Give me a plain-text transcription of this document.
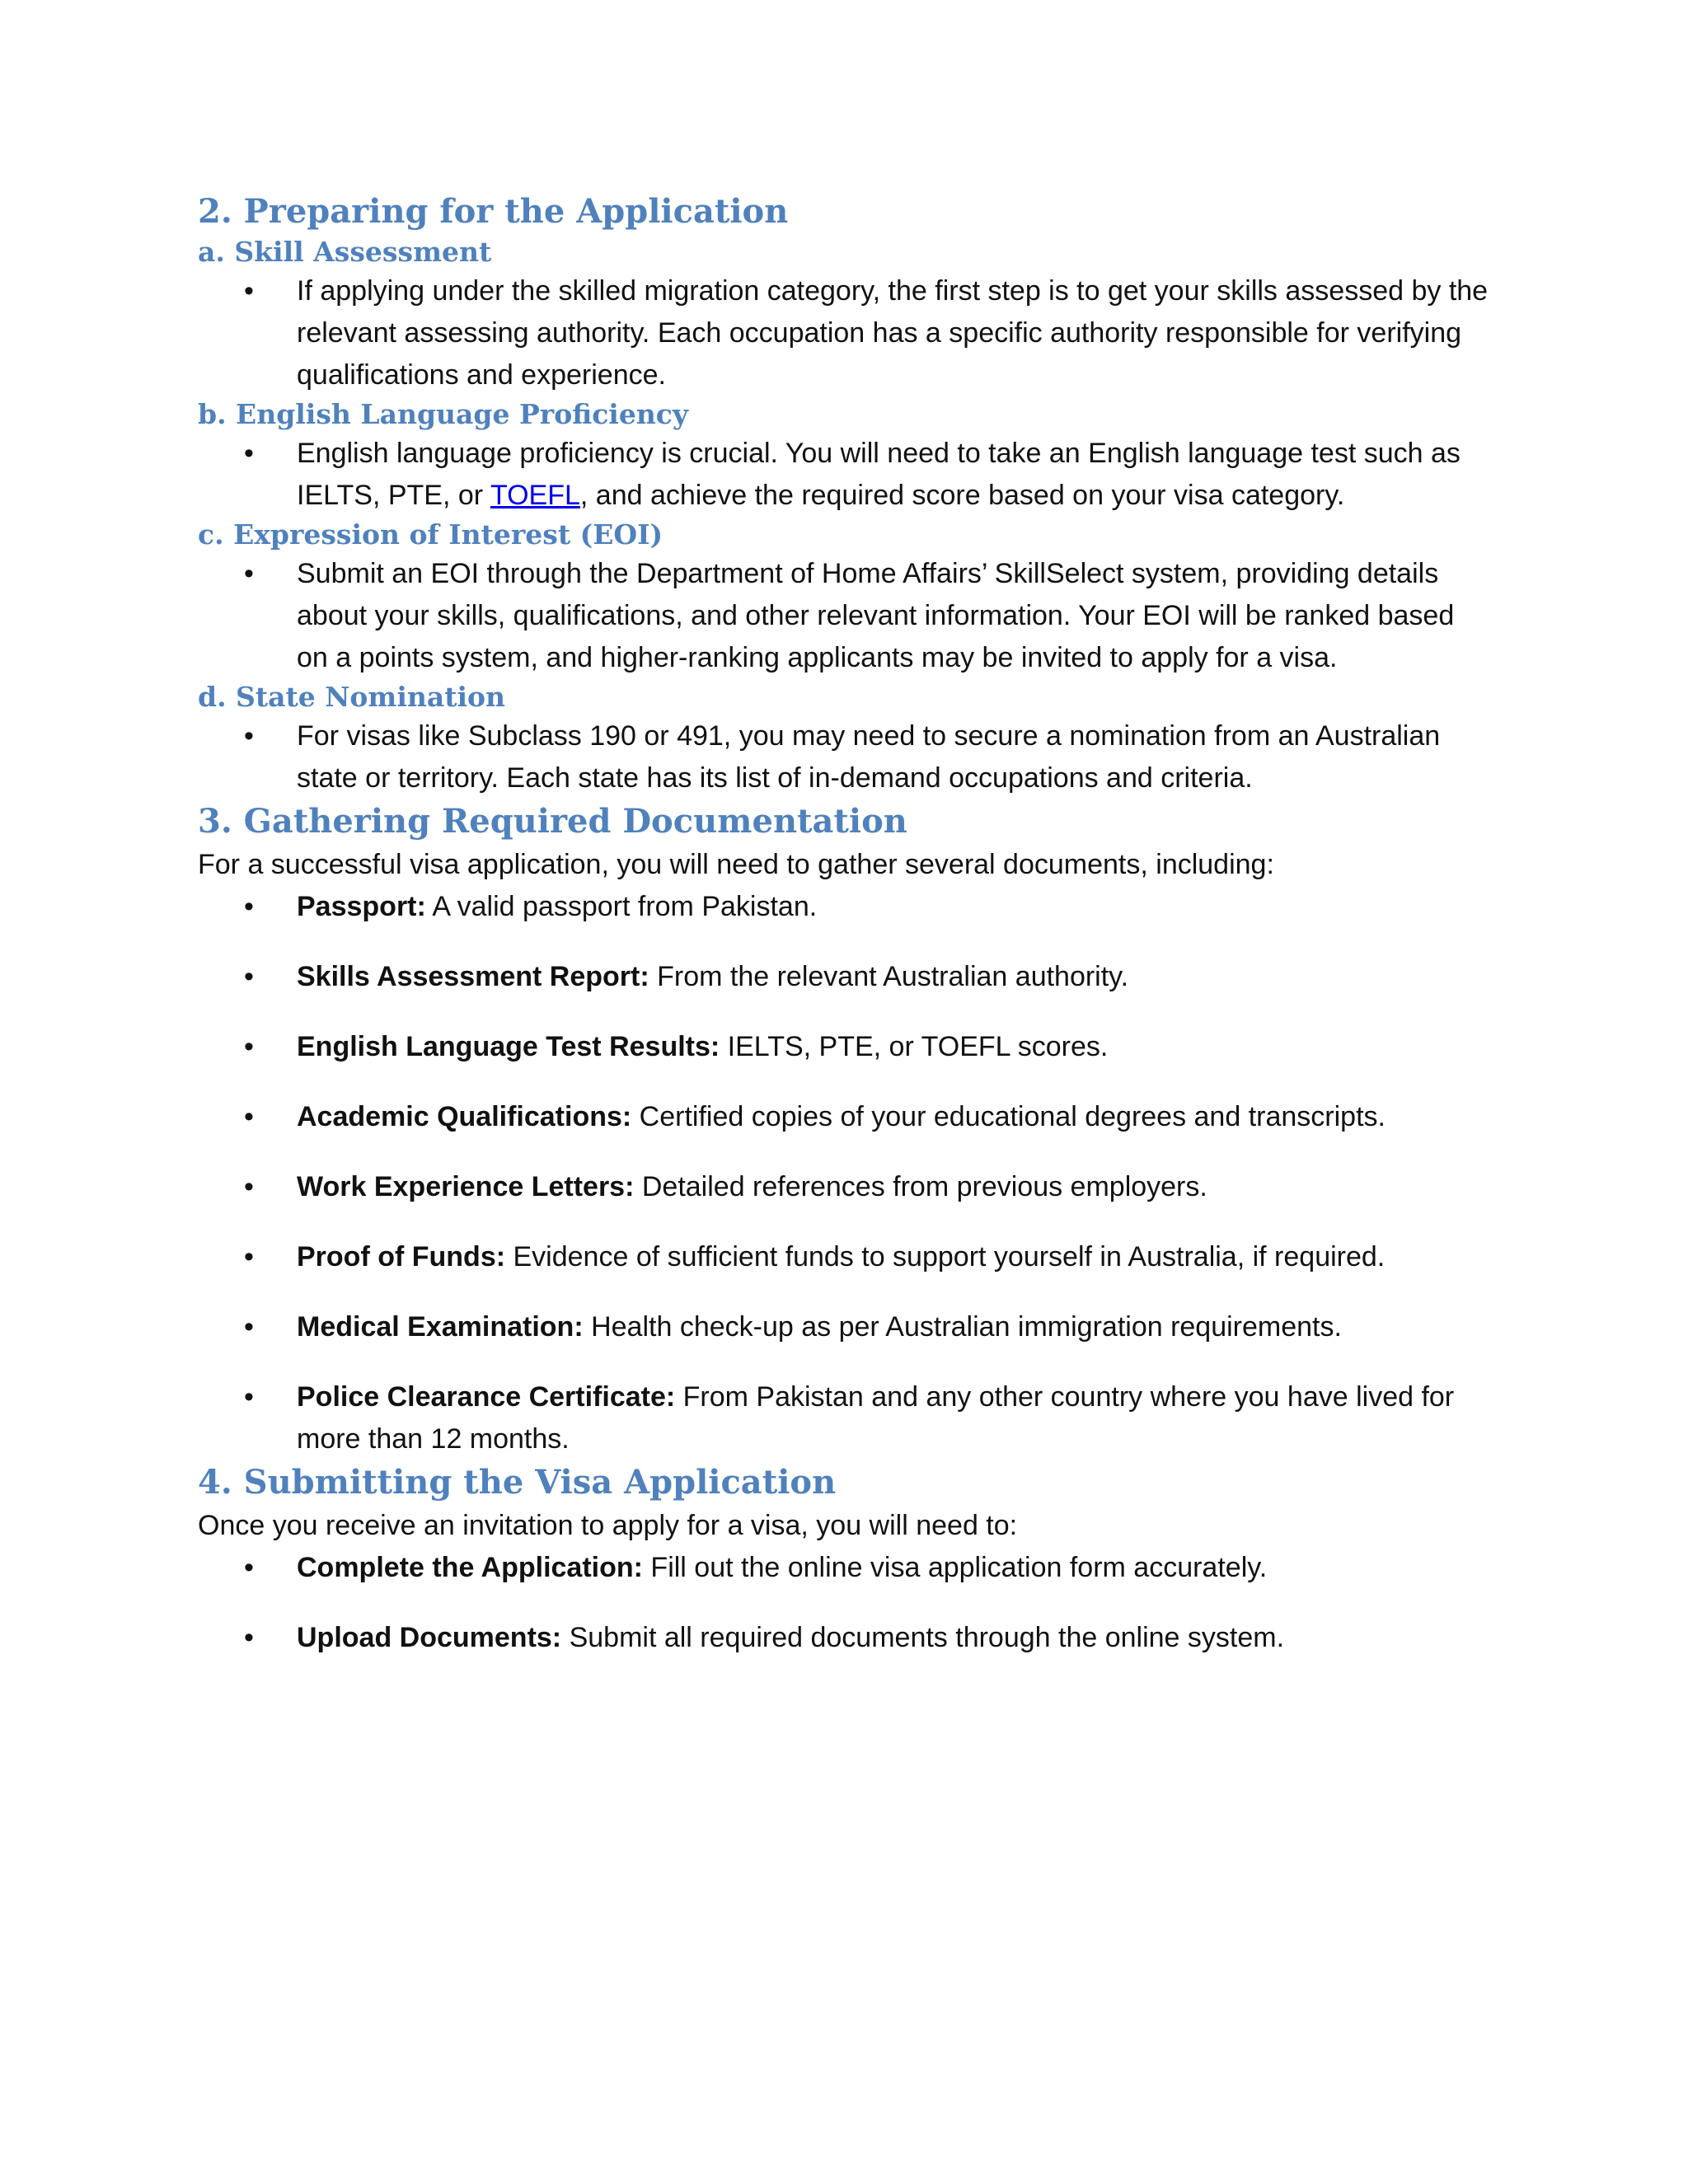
2. Preparing for the Application
a. Skill Assessment
• If applying under the skilled migration category, the first step is to get your skills assessed by the relevant assessing authority. Each occupation has a specific authority responsible for verifying qualifications and experience.
b. English Language Proficiency
• English language proficiency is crucial. You will need to take an English language test such as IELTS, PTE, or TOEFL, and achieve the required score based on your visa category.
c. Expression of Interest (EOI)
• Submit an EOI through the Department of Home Affairs’ SkillSelect system, providing details about your skills, qualifications, and other relevant information. Your EOI will be ranked based on a points system, and higher-ranking applicants may be invited to apply for a visa.
d. State Nomination
• For visas like Subclass 190 or 491, you may need to secure a nomination from an Australian state or territory. Each state has its list of in-demand occupations and criteria.
3. Gathering Required Documentation

For a successful visa application, you will need to gather several documents, including:

• Passport: A valid passport from Pakistan.
• Skills Assessment Report: From the relevant Australian authority.
• English Language Test Results: IELTS, PTE, or TOEFL scores.
• Academic Qualifications: Certified copies of your educational degrees and transcripts.
• Work Experience Letters: Detailed references from previous employers.
• Proof of Funds: Evidence of sufficient funds to support yourself in Australia, if required.
• Medical Examination: Health check-up as per Australian immigration requirements.
• Police Clearance Certificate: From Pakistan and any other country where you have lived for more than 12 months.
4. Submitting the Visa Application

Once you receive an invitation to apply for a visa, you will need to:

• Complete the Application: Fill out the online visa application form accurately.
• Upload Documents: Submit all required documents through the online system.
